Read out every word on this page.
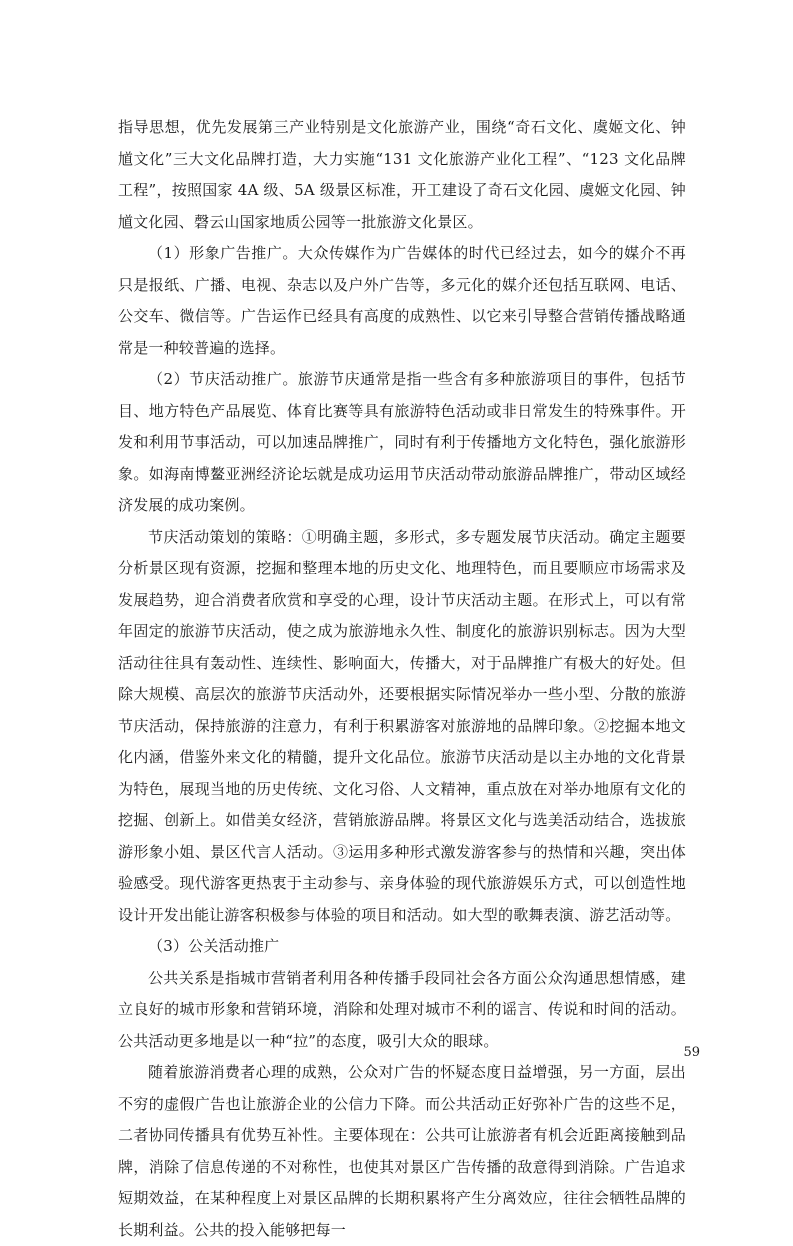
指导思想，优先发展第三产业特别是文化旅游产业，围绕“奇石文化、虞姬文化、钟馗文化”三大文化品牌打造，大力实施“131 文化旅游产业化工程”、“123 文化品牌工程”，按照国家 4A 级、5A 级景区标准，开工建设了奇石文化园、虞姬文化园、钟馗文化园、磬云山国家地质公园等一批旅游文化景区。

（1）形象广告推广。大众传媒作为广告媒体的时代已经过去，如今的媒介不再只是报纸、广播、电视、杂志以及户外广告等，多元化的媒介还包括互联网、电话、公交车、微信等。广告运作已经具有高度的成熟性、以它来引导整合营销传播战略通常是一种较普遍的选择。

（2）节庆活动推广。旅游节庆通常是指一些含有多种旅游项目的事件，包括节目、地方特色产品展览、体育比赛等具有旅游特色活动或非日常发生的特殊事件。开发和利用节事活动，可以加速品牌推广，同时有利于传播地方文化特色，强化旅游形象。如海南博鳌亚洲经济论坛就是成功运用节庆活动带动旅游品牌推广，带动区域经济发展的成功案例。

节庆活动策划的策略：①明确主题，多形式，多专题发展节庆活动。确定主题要分析景区现有资源，挖掘和整理本地的历史文化、地理特色，而且要顺应市场需求及发展趋势，迎合消费者欣赏和享受的心理，设计节庆活动主题。在形式上，可以有常年固定的旅游节庆活动，使之成为旅游地永久性、制度化的旅游识别标志。因为大型活动往往具有轰动性、连续性、影响面大，传播大，对于品牌推广有极大的好处。但除大规模、高层次的旅游节庆活动外，还要根据实际情况举办一些小型、分散的旅游节庆活动，保持旅游的注意力，有利于积累游客对旅游地的品牌印象。②挖掘本地文化内涵，借鉴外来文化的精髓，提升文化品位。旅游节庆活动是以主办地的文化背景为特色，展现当地的历史传统、文化习俗、人文精神，重点放在对举办地原有文化的挖掘、创新上。如借美女经济，营销旅游品牌。将景区文化与选美活动结合，选拔旅游形象小姐、景区代言人活动。③运用多种形式激发游客参与的热情和兴趣，突出体验感受。现代游客更热衷于主动参与、亲身体验的现代旅游娱乐方式，可以创造性地设计开发出能让游客积极参与体验的项目和活动。如大型的歌舞表演、游艺活动等。

（3）公关活动推广

公共关系是指城市营销者利用各种传播手段同社会各方面公众沟通思想情感，建立良好的城市形象和营销环境，消除和处理对城市不利的谣言、传说和时间的活动。公共活动更多地是以一种“拉”的态度，吸引大众的眼球。

随着旅游消费者心理的成熟，公众对广告的怀疑态度日益增强，另一方面，层出不穷的虚假广告也让旅游企业的公信力下降。而公共活动正好弥补广告的这些不足，二者协同传播具有优势互补性。主要体现在：公共可让旅游者有机会近距离接触到品牌，消除了信息传递的不对称性，也使其对景区广告传播的敌意得到消除。广告追求短期效益，在某种程度上对景区品牌的长期积累将产生分离效应，往往会牺牲品牌的长期利益。公共的投入能够把每一

59
